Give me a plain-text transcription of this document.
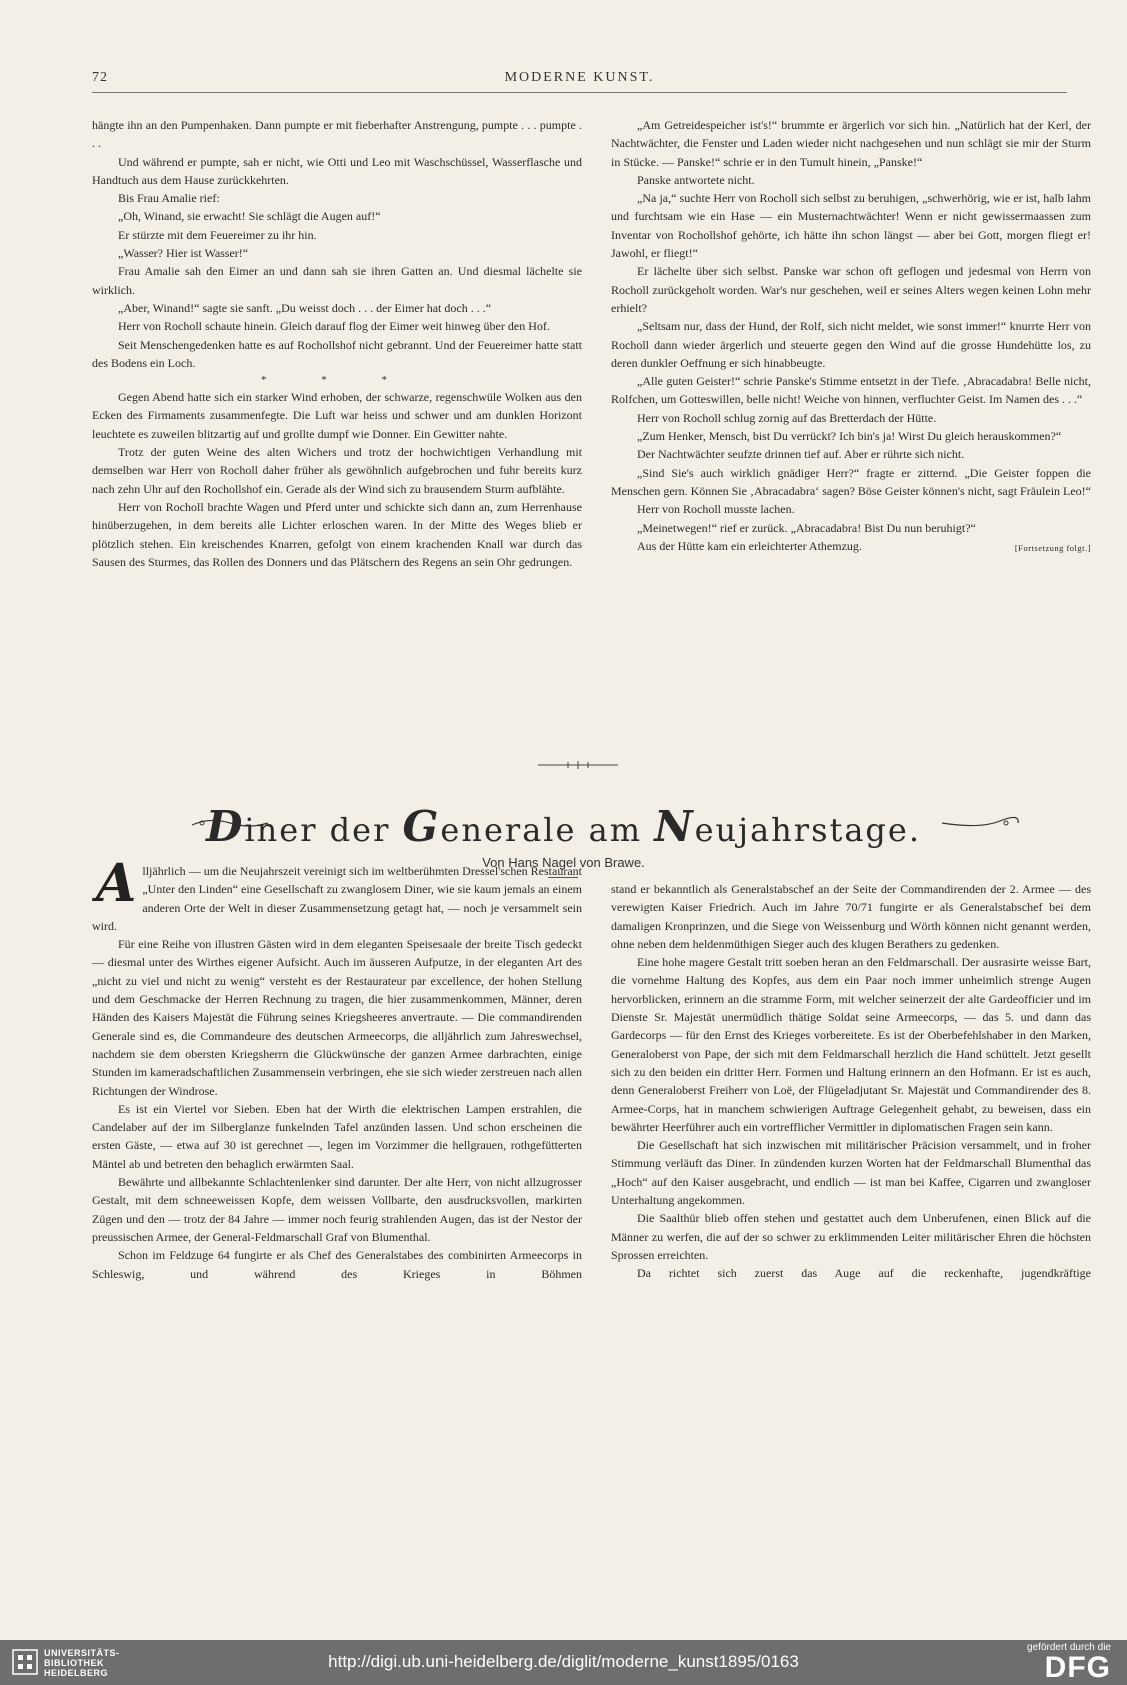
72	MODERNE KUNST.

hängte ihn an den Pumpenhaken. Dann pumpte er mit fieberhafter Anstrengung, pumpte . . . pumpte . . .

Und während er pumpte, sah er nicht, wie Otti und Leo mit Waschschüssel, Wasserflasche und Handtuch aus dem Hause zurückkehrten.

Bis Frau Amalie rief:

„Oh, Winand, sie erwacht! Sie schlägt die Augen auf!“

Er stürzte mit dem Feuereimer zu ihr hin.

„Wasser? Hier ist Wasser!“

Frau Amalie sah den Eimer an und dann sah sie ihren Gatten an. Und diesmal lächelte sie wirklich.

„Aber, Winand!“ sagte sie sanft. „Du weisst doch . . . der Eimer hat doch . . .“

Herr von Rocholl schaute hinein. Gleich darauf flog der Eimer weit hinweg über den Hof.

Seit Menschengedenken hatte es auf Rochollshof nicht gebrannt. Und der Feuereimer hatte statt des Bodens ein Loch.

* * *

Gegen Abend hatte sich ein starker Wind erhoben, der schwarze, regenschwüle Wolken aus den Ecken des Firmaments zusammenfegte. Die Luft war heiss und schwer und am dunklen Horizont leuchtete es zuweilen blitzartig auf und grollte dumpf wie Donner. Ein Gewitter nahte.

Trotz der guten Weine des alten Wichers und trotz der hochwichtigen Verhandlung mit demselben war Herr von Rocholl daher früher als gewöhnlich aufgebrochen und fuhr bereits kurz nach zehn Uhr auf den Rochollshof ein. Gerade als der Wind sich zu brausendem Sturm aufblähte.

Herr von Rocholl brachte Wagen und Pferd unter und schickte sich dann an, zum Herrenhause hinüberzugehen, in dem bereits alle Lichter erloschen waren. In der Mitte des Weges blieb er plötzlich stehen. Ein kreischendes Knarren, gefolgt von einem krachenden Knall war durch das Sausen des Sturmes, das Rollen des Donners und das Plätschern des Regens an sein Ohr gedrungen.

„Am Getreidespeicher ist's!“ brummte er ärgerlich vor sich hin. „Natürlich hat der Kerl, der Nachtwächter, die Fenster und Laden wieder nicht nachgesehen und nun schlägt sie mir der Sturm in Stücke. — Panske!“ schrie er in den Tumult hinein, „Panske!“

Panske antwortete nicht.

„Na ja,“ suchte Herr von Rocholl sich selbst zu beruhigen, „schwerhörig, wie er ist, halb lahm und furchtsam wie ein Hase — ein Musternachtwächter! Wenn er nicht gewissermaassen zum Inventar von Rochollshof gehörte, ich hätte ihn schon längst — aber bei Gott, morgen fliegt er! Jawohl, er fliegt!“

Er lächelte über sich selbst. Panske war schon oft geflogen und jedesmal von Herrn von Rocholl zurückgeholt worden. War's nur geschehen, weil er seines Alters wegen keinen Lohn mehr erhielt?

„Seltsam nur, dass der Hund, der Rolf, sich nicht meldet, wie sonst immer!“ knurrte Herr von Rocholl dann wieder ärgerlich und steuerte gegen den Wind auf die grosse Hundehütte los, zu deren dunkler Oeffnung er sich hinabbeugte.

„Alle guten Geister!“ schrie Panske's Stimme entsetzt in der Tiefe. ‚Abracadabra! Belle nicht, Rolfchen, um Gotteswillen, belle nicht! Weiche von hinnen, verfluchter Geist. Im Namen des . . .“

Herr von Rocholl schlug zornig auf das Bretterdach der Hütte.

„Zum Henker, Mensch, bist Du verrückt? Ich bin's ja! Wirst Du gleich herauskommen?“

Der Nachtwächter seufzte drinnen tief auf. Aber er rührte sich nicht.

„Sind Sie's auch wirklich gnädiger Herr?“ fragte er zitternd. „Die Geister foppen die Menschen gern. Können Sie ‚Abracadabra‘ sagen? Böse Geister können's nicht, sagt Fräulein Leo!“

Herr von Rocholl musste lachen.

„Meinetwegen!“ rief er zurück. „Abracadabra! Bist Du nun beruhigt?“

Aus der Hütte kam ein erleichterter Athemzug.	[Fortsetzung folgt.]

Diner der Generale am Neujahrstage.
Von Hans Nagel von Brawe.

Alljährlich — um die Neujahrszeit vereinigt sich im weltberühmten Dressel'schen Restaurant „Unter den Linden“ eine Gesellschaft zu zwanglosem Diner, wie sie kaum jemals an einem anderen Orte der Welt in dieser Zusammensetzung getagt hat, — noch je versammelt sein wird.

Für eine Reihe von illustren Gästen wird in dem eleganten Speisesaale der breite Tisch gedeckt — diesmal unter des Wirthes eigener Aufsicht. Auch im äusseren Aufputze, in der eleganten Art des „nicht zu viel und nicht zu wenig“ versteht es der Restaurateur par excellence, der hohen Stellung und dem Geschmacke der Herren Rechnung zu tragen, die hier zusammenkommen, Männer, deren Händen des Kaisers Majestät die Führung seines Kriegsheeres anvertraute. — Die commandirenden Generale sind es, die Commandeure des deutschen Armeecorps, die alljährlich zum Jahreswechsel, nachdem sie dem obersten Kriegsherrn die Glückwünsche der ganzen Armee darbrachten, einige Stunden im kameradschaftlichen Zusammensein verbringen, ehe sie sich wieder zerstreuen nach allen Richtungen der Windrose.

Es ist ein Viertel vor Sieben. Eben hat der Wirth die elektrischen Lampen erstrahlen, die Candelaber auf der im Silberglanze funkelnden Tafel anzünden lassen. Und schon erscheinen die ersten Gäste, — etwa auf 30 ist gerechnet —, legen im Vorzimmer die hellgrauen, rothgefütterten Mäntel ab und betreten den behaglich erwärmten Saal.

Bewährte und allbekannte Schlachtenlenker sind darunter. Der alte Herr, von nicht allzugrosser Gestalt, mit dem schneeweissen Kopfe, dem weissen Vollbarte, den ausdrucksvollen, markirten Zügen und den — trotz der 84 Jahre — immer noch feurig strahlenden Augen, das ist der Nestor der preussischen Armee, der General-Feldmarschall Graf von Blumenthal.

Schon im Feldzuge 64 fungirte er als Chef des Generalstabes des combinirten Armeecorps in Schleswig, und während des Krieges in Böhmen

stand er bekanntlich als Generalstabschef an der Seite der Commandirenden der 2. Armee — des verewigten Kaiser Friedrich. Auch im Jahre 70/71 fungirte er als Generalstabschef bei dem damaligen Kronprinzen, und die Siege von Weissenburg und Wörth können nicht genannt werden, ohne neben dem heldenmüthigen Sieger auch des klugen Berathers zu gedenken.

Eine hohe magere Gestalt tritt soeben heran an den Feldmarschall. Der ausrasirte weisse Bart, die vornehme Haltung des Kopfes, aus dem ein Paar noch immer unheimlich strenge Augen hervorblicken, erinnern an die stramme Form, mit welcher seinerzeit der alte Gardeofficier und im Dienste Sr. Majestät unermüdlich thätige Soldat seine Armeecorps, — das 5. und dann das Gardecorps — für den Ernst des Krieges vorbereitete. Es ist der Oberbefehlshaber in den Marken, Generaloberst von Pape, der sich mit dem Feldmarschall herzlich die Hand schüttelt. Jetzt gesellt sich zu den beiden ein dritter Herr. Formen und Haltung erinnern an den Hofmann. Er ist es auch, denn Generaloberst Freiherr von Loë, der Flügeladjutant Sr. Majestät und Commandirender des 8. Armee-Corps, hat in manchem schwierigen Auftrage Gelegenheit gehabt, zu beweisen, dass ein bewährter Heerführer auch ein vortrefflicher Vermittler in diplomatischen Fragen sein kann.

Die Gesellschaft hat sich inzwischen mit militärischer Präcision versammelt, und in froher Stimmung verläuft das Diner. In zündenden kurzen Worten hat der Feldmarschall Blumenthal das „Hoch“ auf den Kaiser ausgebracht, und endlich — ist man bei Kaffee, Cigarren und zwangloser Unterhaltung angekommen.

Die Saalthür blieb offen stehen und gestattet auch dem Unberufenen, einen Blick auf die Männer zu werfen, die auf der so schwer zu erklimmenden Leiter militärischer Ehren die höchsten Sprossen erreichten.

Da richtet sich zuerst das Auge auf die reckenhafte, jugendkräftige

UNIVERSITÄTS-
BIBLIOTHEK
HEIDELBERG
http://digi.ub.uni-heidelberg.de/diglit/moderne_kunst1895/0163
gefördert durch die
DFG
